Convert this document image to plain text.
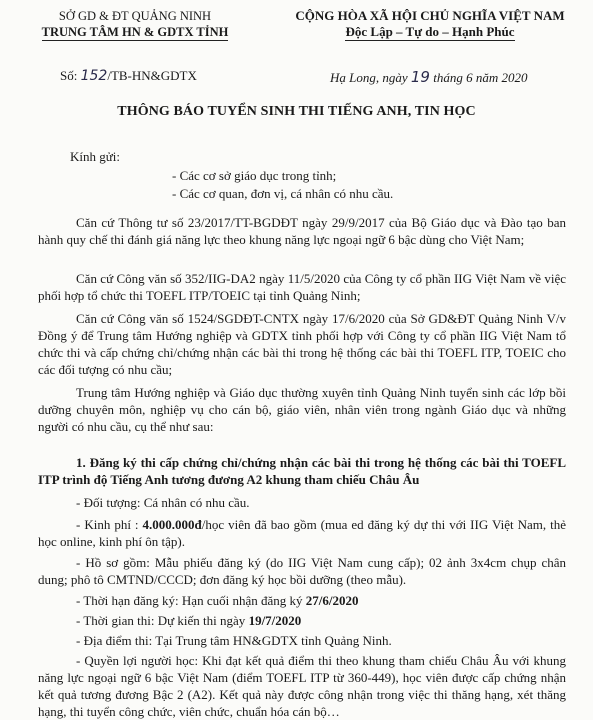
SỞ GD & ĐT QUẢNG NINH
TRUNG TÂM HN & GDTX TỈNH
CỘNG HÒA XÃ HỘI CHỦ NGHĨA VIỆT NAM
Độc Lập – Tự do – Hạnh Phúc
Số: 152/TB-HN&GDTX	Hạ Long, ngày 19 tháng 6 năm 2020
THÔNG BÁO TUYỂN SINH THI TIẾNG ANH, TIN HỌC
Kính gửi:
- Các cơ sở giáo dục trong tỉnh;
- Các cơ quan, đơn vị, cá nhân có nhu cầu.
Căn cứ Thông tư số 23/2017/TT-BGDĐT ngày 29/9/2017 của Bộ Giáo dục và Đào tạo ban hành quy chế thi đánh giá năng lực theo khung năng lực ngoại ngữ 6 bậc dùng cho Việt Nam;
Căn cứ Công văn số 352/IIG-DA2 ngày 11/5/2020 của Công ty cổ phần IIG Việt Nam về việc phối hợp tổ chức thi TOEFL ITP/TOEIC tại tỉnh Quảng Ninh;
Căn cứ Công văn số 1524/SGDĐT-CNTX ngày 17/6/2020 của Sở GD&ĐT Quảng Ninh V/v Đồng ý để Trung tâm Hướng nghiệp và GDTX tỉnh phối hợp với Công ty cổ phần IIG Việt Nam tổ chức thi và cấp chứng chỉ/chứng nhận các bài thi trong hệ thống các bài thi TOEFL ITP, TOEIC cho các đối tượng có nhu cầu;
Trung tâm Hướng nghiệp và Giáo dục thường xuyên tỉnh Quảng Ninh tuyển sinh các lớp bồi dưỡng chuyên môn, nghiệp vụ cho cán bộ, giáo viên, nhân viên trong ngành Giáo dục và những người có nhu cầu, cụ thể như sau:
1. Đăng ký thi cấp chứng chỉ/chứng nhận các bài thi trong hệ thống các bài thi TOEFL ITP trình độ Tiếng Anh tương đương A2 khung tham chiếu Châu Âu
- Đối tượng: Cá nhân có nhu cầu.
- Kinh phí : 4.000.000đ/học viên đã bao gồm (mua ed đăng ký dự thi với IIG Việt Nam, thẻ học online, kinh phí ôn tập).
- Hồ sơ gồm: Mẫu phiếu đăng ký (do IIG Việt Nam cung cấp); 02 ảnh 3x4cm chụp chân dung; phô tô CMTND/CCCD; đơn đăng ký học bồi dưỡng (theo mẫu).
- Thời hạn đăng ký: Hạn cuối nhận đăng ký 27/6/2020
- Thời gian thi: Dự kiến thi ngày 19/7/2020
- Địa điểm thi: Tại Trung tâm HN&GDTX tỉnh Quảng Ninh.
- Quyền lợi người học: Khi đạt kết quả điểm thi theo khung tham chiếu Châu Âu với khung năng lực ngoại ngữ 6 bậc Việt Nam (điểm TOEFL ITP từ 360-449), học viên được cấp chứng nhận kết quả tương đương Bậc 2 (A2). Kết quả này được công nhận trong việc thi thăng hạng, xét thăng hạng, thi tuyển công chức, viên chức, chuẩn hóa cán bộ…
